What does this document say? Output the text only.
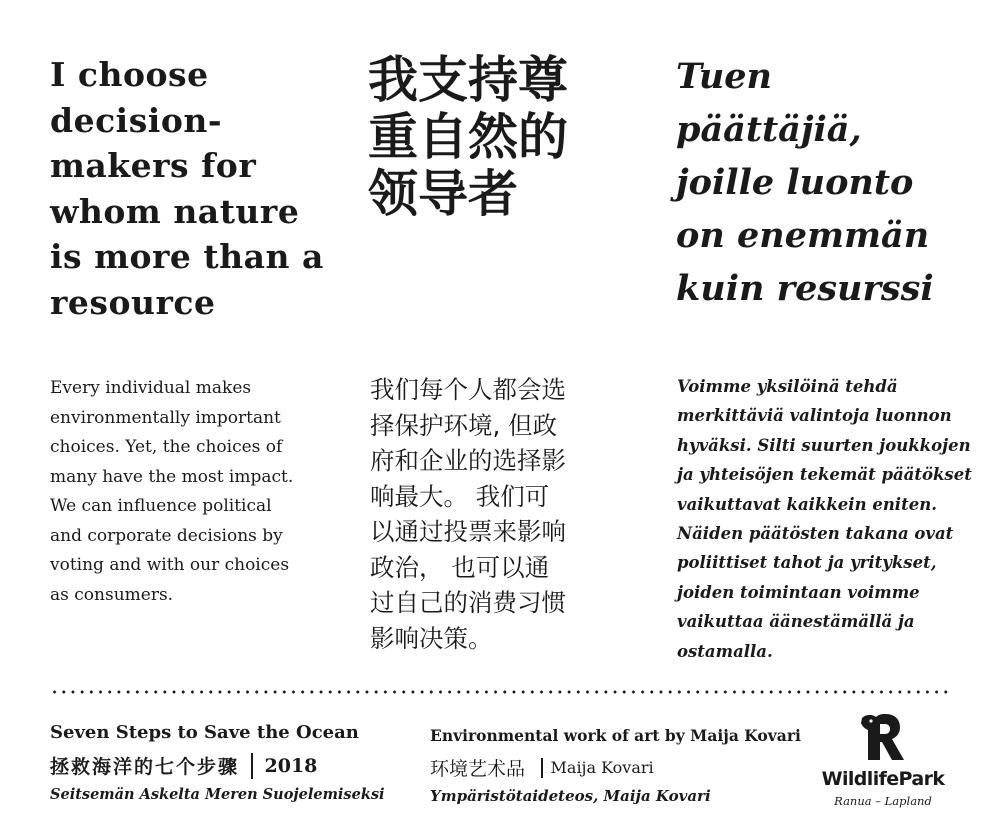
I choose
decision-
makers for
whom nature
is more than a
resource
我支持尊
重自然的
领导者
Tuen
päättäjiä,
joille luonto
on enemmän
kuin resurssi
Every individual makes
environmentally important
choices. Yet, the choices of
many have the most impact.
We can influence political
and corporate decisions by
voting and with our choices
as consumers.
我们每个人都会选
择保护环境, 但政
府和企业的选择影
响最大。 我们可
以通过投票来影响
政治， 也可以通
过自己的消费习惯
影响决策。
Voimme yksilöinä tehdä
merkittäviä valintoja luonnon
hyväksi. Silti suurten joukkojen
ja yhteisöjen tekemät päätökset
vaikuttavat kaikkein eniten.
Näiden päätösten takana ovat
poliittiset tahot ja yritykset,
joiden toimintaan voimme
vaikuttaa äänestämällä ja
ostamalla.
Seven Steps to Save the Ocean
拯救海洋的七个步骤 2018
Seitsemän Askelta Meren Suojelemiseksi
Environmental work of art by Maija Kovari
环境艺术品 Maija Kovari
Ympäristötaideteos, Maija Kovari
WildlifePark
Ranua – Lapland
